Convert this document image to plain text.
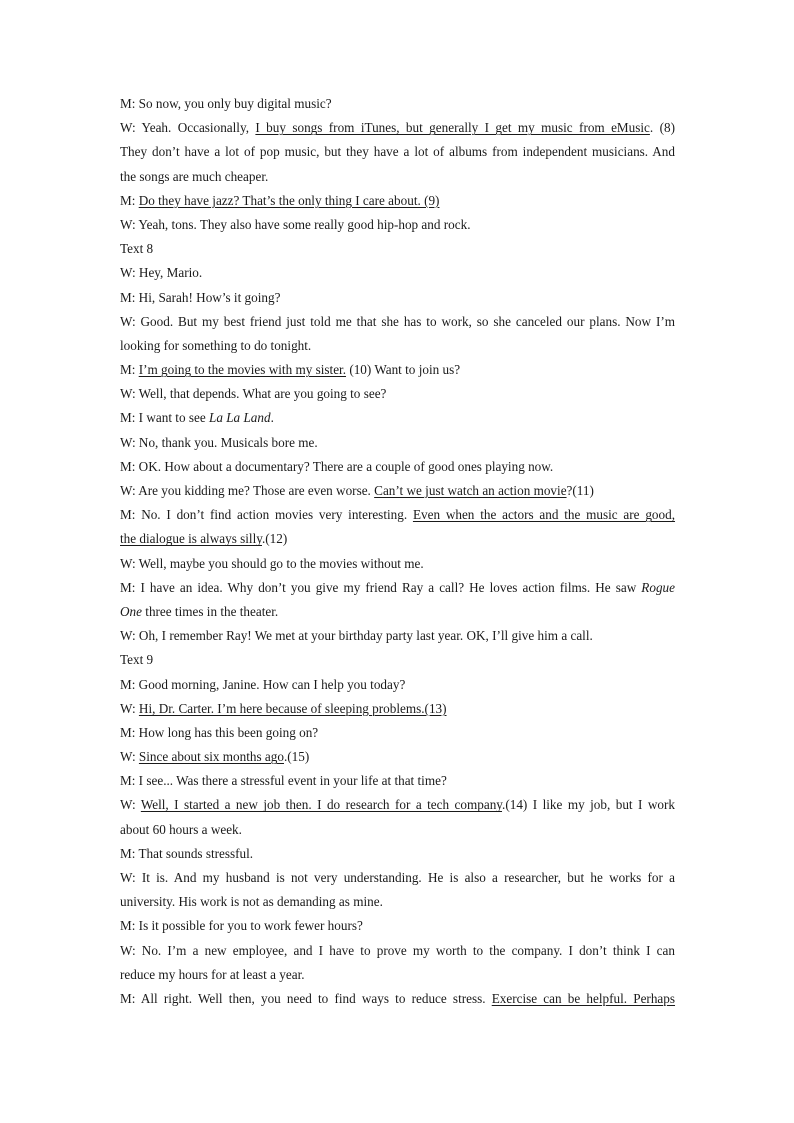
M: So now, you only buy digital music?
W: Yeah. Occasionally, I buy songs from iTunes, but generally I get my music from eMusic. (8)
They don’t have a lot of pop music, but they have a lot of albums from independent musicians. And
the songs are much cheaper.
M: Do they have jazz? That’s the only thing I care about. (9)
W: Yeah, tons. They also have some really good hip-hop and rock.
Text 8
W: Hey, Mario.
M: Hi, Sarah! How’s it going?
W: Good. But my best friend just told me that she has to work, so she canceled our plans. Now I’m
looking for something to do tonight.
M: I’m going to the movies with my sister. (10) Want to join us?
W: Well, that depends. What are you going to see?
M: I want to see La La Land.
W: No, thank you. Musicals bore me.
M: OK. How about a documentary? There are a couple of good ones playing now.
W: Are you kidding me? Those are even worse. Can’t we just watch an action movie?(11)
M: No. I don’t find action movies very interesting. Even when the actors and the music are good,
the dialogue is always silly.(12)
W: Well, maybe you should go to the movies without me.
M: I have an idea. Why don’t you give my friend Ray a call? He loves action films. He saw Rogue
One three times in the theater.
W: Oh, I remember Ray! We met at your birthday party last year. OK, I’ll give him a call.
Text 9
M: Good morning, Janine. How can I help you today?
W: Hi, Dr. Carter. I’m here because of sleeping problems.(13)
M: How long has this been going on?
W: Since about six months ago.(15)
M: I see... Was there a stressful event in your life at that time?
W: Well, I started a new job then. I do research for a tech company.(14) I like my job, but I work
about 60 hours a week.
M: That sounds stressful.
W: It is. And my husband is not very understanding. He is also a researcher, but he works for a
university. His work is not as demanding as mine.
M: Is it possible for you to work fewer hours?
W: No. I’m a new employee, and I have to prove my worth to the company. I don’t think I can
reduce my hours for at least a year.
M: All right. Well then, you need to find ways to reduce stress. Exercise can be helpful. Perhaps
